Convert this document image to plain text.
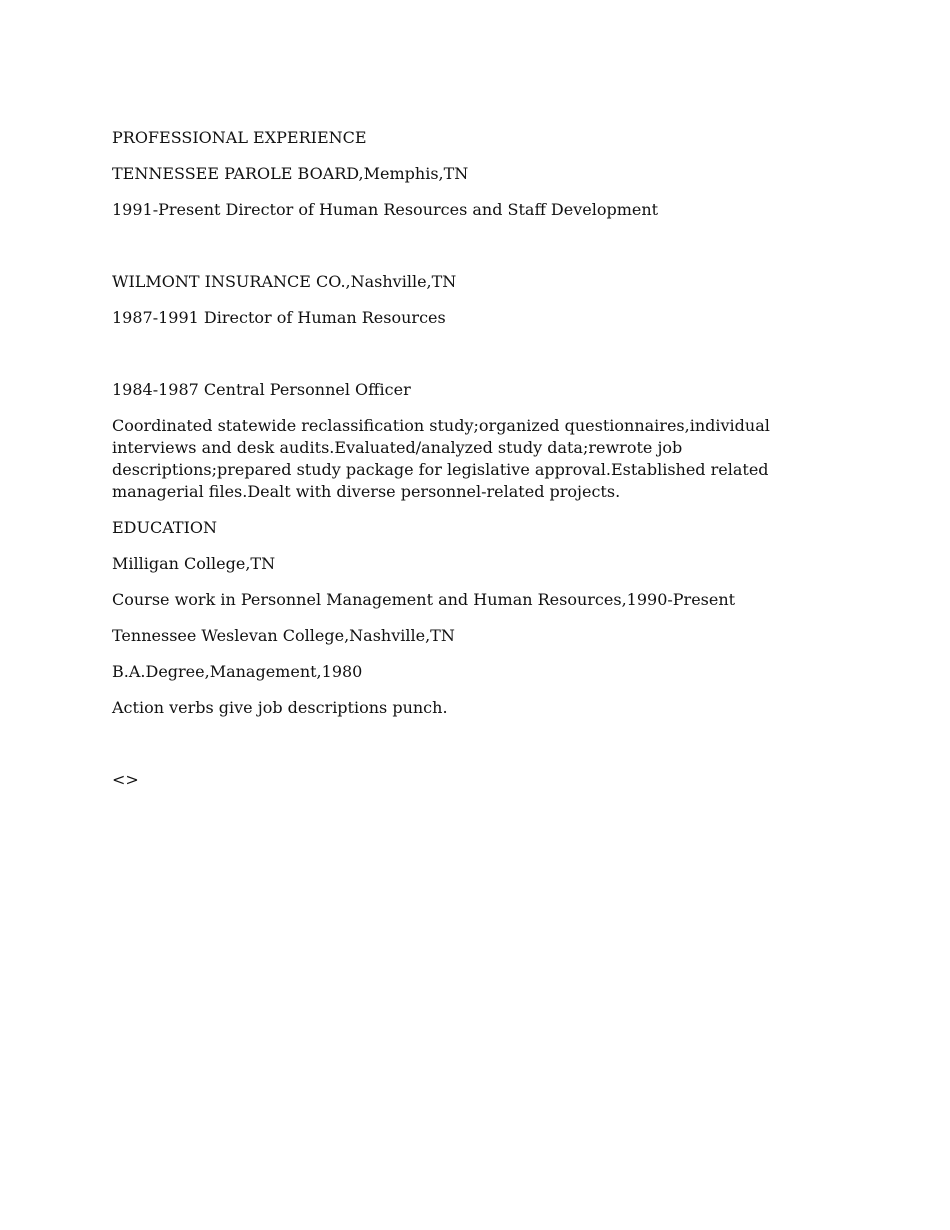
PROFESSIONAL EXPERIENCE

TENNESSEE PAROLE BOARD,Memphis,TN

1991-Present Director of Human Resources and Staff Development

WILMONT INSURANCE CO.,Nashville,TN

1987-1991 Director of Human Resources

1984-1987 Central Personnel Officer

Coordinated statewide reclassification study;organized questionnaires,individual interviews and desk audits.Evaluated/analyzed study data;rewrote job descriptions;prepared study package for legislative approval.Established related managerial files.Dealt with diverse personnel-related projects.

EDUCATION

Milligan College,TN

Course work in Personnel Management and Human Resources,1990-Present

Tennessee Weslevan College,Nashville,TN

B.A.Degree,Management,1980

Action verbs give job descriptions punch.

<>
